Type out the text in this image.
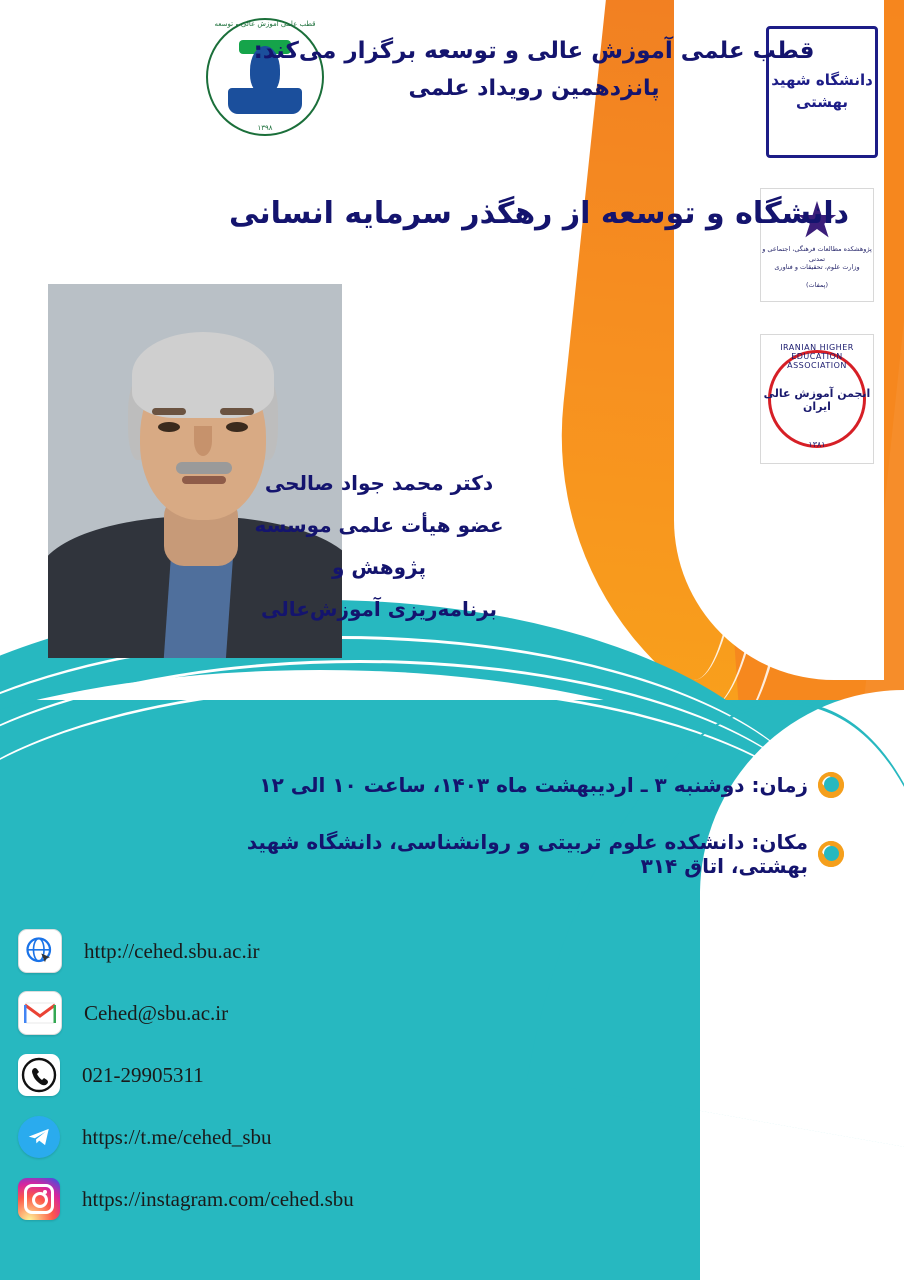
دانشگاه شهید بهشتی
پژوهشکده مطالعات فرهنگی، اجتماعی و تمدنی
وزارت علوم، تحقیقات و فناوری
(پمفات)
IRANIAN HIGHER EDUCATION ASSOCIATION
انجمن آموزش عالی ایران
۱۳۸۱
قطب علمی آموزش عالی و توسعه
۱۳۹۸
قطب علمی آموزش عالی و توسعه برگزار می‌کند:
پانزدهمین رویداد علمی
دانشگاه و توسعه از رهگذر سرمایه انسانی
دکتر محمد جواد صالحی
عضو هیأت علمی موسسه پژوهش و
برنامه‌ریزی آموزش‌عالی
زمان: دوشنبه ۳ ـ اردیبهشت ماه ۱۴۰۳، ساعت ۱۰ الی ۱۲
مکان: دانشکده علوم تربیتی و روانشناسی، دانشگاه شهید بهشتی، اتاق ۳۱۴
http://cehed.sbu.ac.ir
Cehed@sbu.ac.ir
021-29905311
https://t.me/cehed_sbu
https://instagram.com/cehed.sbu
